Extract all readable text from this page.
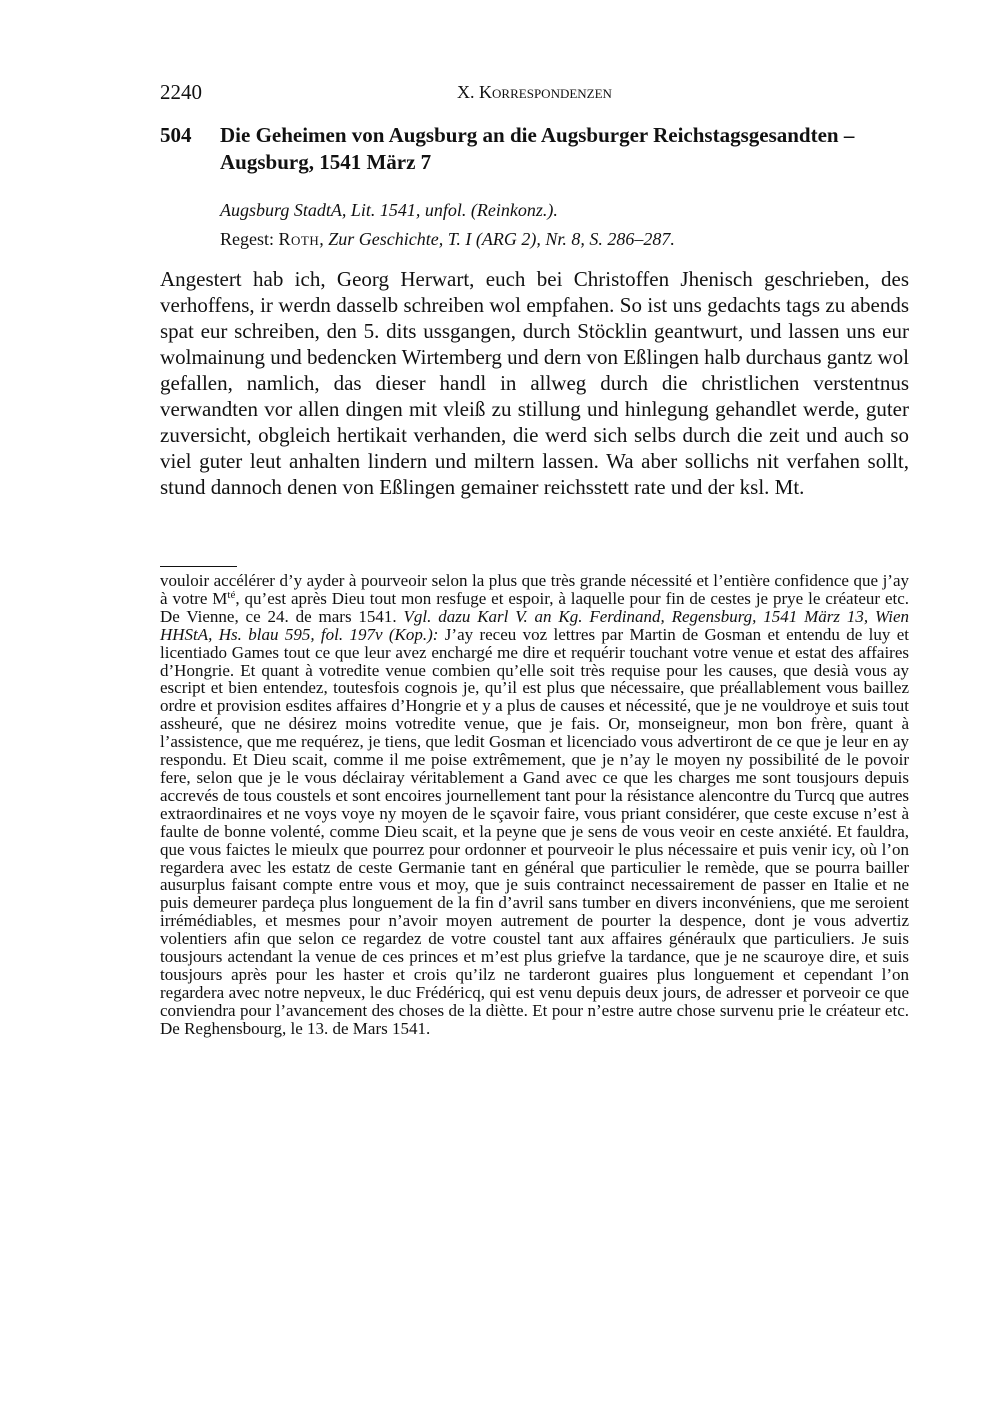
2240	X. Korrespondenzen
504 Die Geheimen von Augsburg an die Augsburger Reichstagsgesandten – Augsburg, 1541 März 7
Augsburg StadtA, Lit. 1541, unfol. (Reinkonz.).
Regest: Roth, Zur Geschichte, T. I (ARG 2), Nr. 8, S. 286–287.
Angestert hab ich, Georg Herwart, euch bei Christoffen Jhenisch geschrieben, des verhoffens, ir werdn dasselb schreiben wol empfahen. So ist uns gedachts tags zu abends spat eur schreiben, den 5. dits ussgangen, durch Stöcklin geantwurt, und lassen uns eur wolmainung und bedencken Wirtemberg und dern von Eßlingen halb durchaus gantz wol gefallen, namlich, das dieser handl in allweg durch die christlichen verstentnus verwandten vor allen dingen mit vleiß zu stillung und hinlegung gehandlet werde, guter zuversicht, obgleich hertikait verhanden, die werd sich selbs durch die zeit und auch so viel guter leut anhalten lindern und miltern lassen. Wa aber sollichs nit verfahen sollt, stund dannoch denen von Eßlingen gemainer reichsstett rate und der ksl. Mt.
vouloir accélérer d’y ayder à pourveoir selon la plus que très grande nécessité et l’entière confidence que j’ay à votre $M^{té}$, qu’est après Dieu tout mon resfuge et espoir, à laquelle pour fin de cestes je prye le créateur etc. De Vienne, ce 24. de mars 1541. Vgl. dazu Karl V. an Kg. Ferdinand, Regensburg, 1541 März 13, Wien HHStA, Hs. blau 595, fol. 197v (Kop.): J’ay receu voz lettres par Martin de Gosman et entendu de luy et licentiado Games tout ce que leur avez enchargé me dire et requérir touchant votre venue et estat des affaires d’Hongrie. Et quant à votredite venue combien qu’elle soit très requise pour les causes, que desià vous ay escript et bien entendez, toutesfois cognois je, qu’il est plus que nécessaire, que préallablement vous baillez ordre et provision esdites affaires d’Hongrie et y a plus de causes et nécessité, que je ne vouldroye et suis tout assheuré, que ne désirez moins votredite venue, que je fais. Or, monseigneur, mon bon frère, quant à l’assistence, que me requérez, je tiens, que ledit Gosman et licenciado vous advertiront de ce que je leur en ay respondu. Et Dieu scait, comme il me poise extrêmement, que je n’ay le moyen ny possibilité de le povoir fere, selon que je le vous déclairay véritablement a Gand avec ce que les charges me sont tousjours depuis accrevés de tous coustels et sont encoires journellement tant pour la résistance alencontre du Turcq que autres extraordinaires et ne voys voye ny moyen de le sçavoir faire, vous priant considérer, que ceste excuse n’est à faulte de bonne volenté, comme Dieu scait, et la peyne que je sens de vous veoir en ceste anxiété. Et fauldra, que vous faictes le mieulx que pourrez pour ordonner et pourveoir le plus nécessaire et puis venir icy, où l’on regardera avec les estatz de ceste Germanie tant en général que particulier le remède, que se pourra bailler ausurplus faisant compte entre vous et moy, que je suis contrainct necessairement de passer en Italie et ne puis demeurer pardeça plus longuement de la fin d’avril sans tumber en divers inconvéniens, que me seroient irrémédiables, et mesmes pour n’avoir moyen autrement de pourter la despence, dont je vous advertiz volentiers afin que selon ce regardez de votre coustel tant aux affaires généraulx que particuliers. Je suis tousjours actendant la venue de ces princes et m’est plus griefve la tardance, que je ne scauroye dire, et suis tousjours après pour les haster et crois qu’ilz ne tarderont guaires plus longuement et cependant l’on regardera avec notre nepveux, le duc Frédéricq, qui est venu depuis deux jours, de adresser et porveoir ce que conviendra pour l’avancement des choses de la diètte. Et pour n’estre autre chose survenu prie le créateur etc. De Reghensbourg, le 13. de Mars 1541.
